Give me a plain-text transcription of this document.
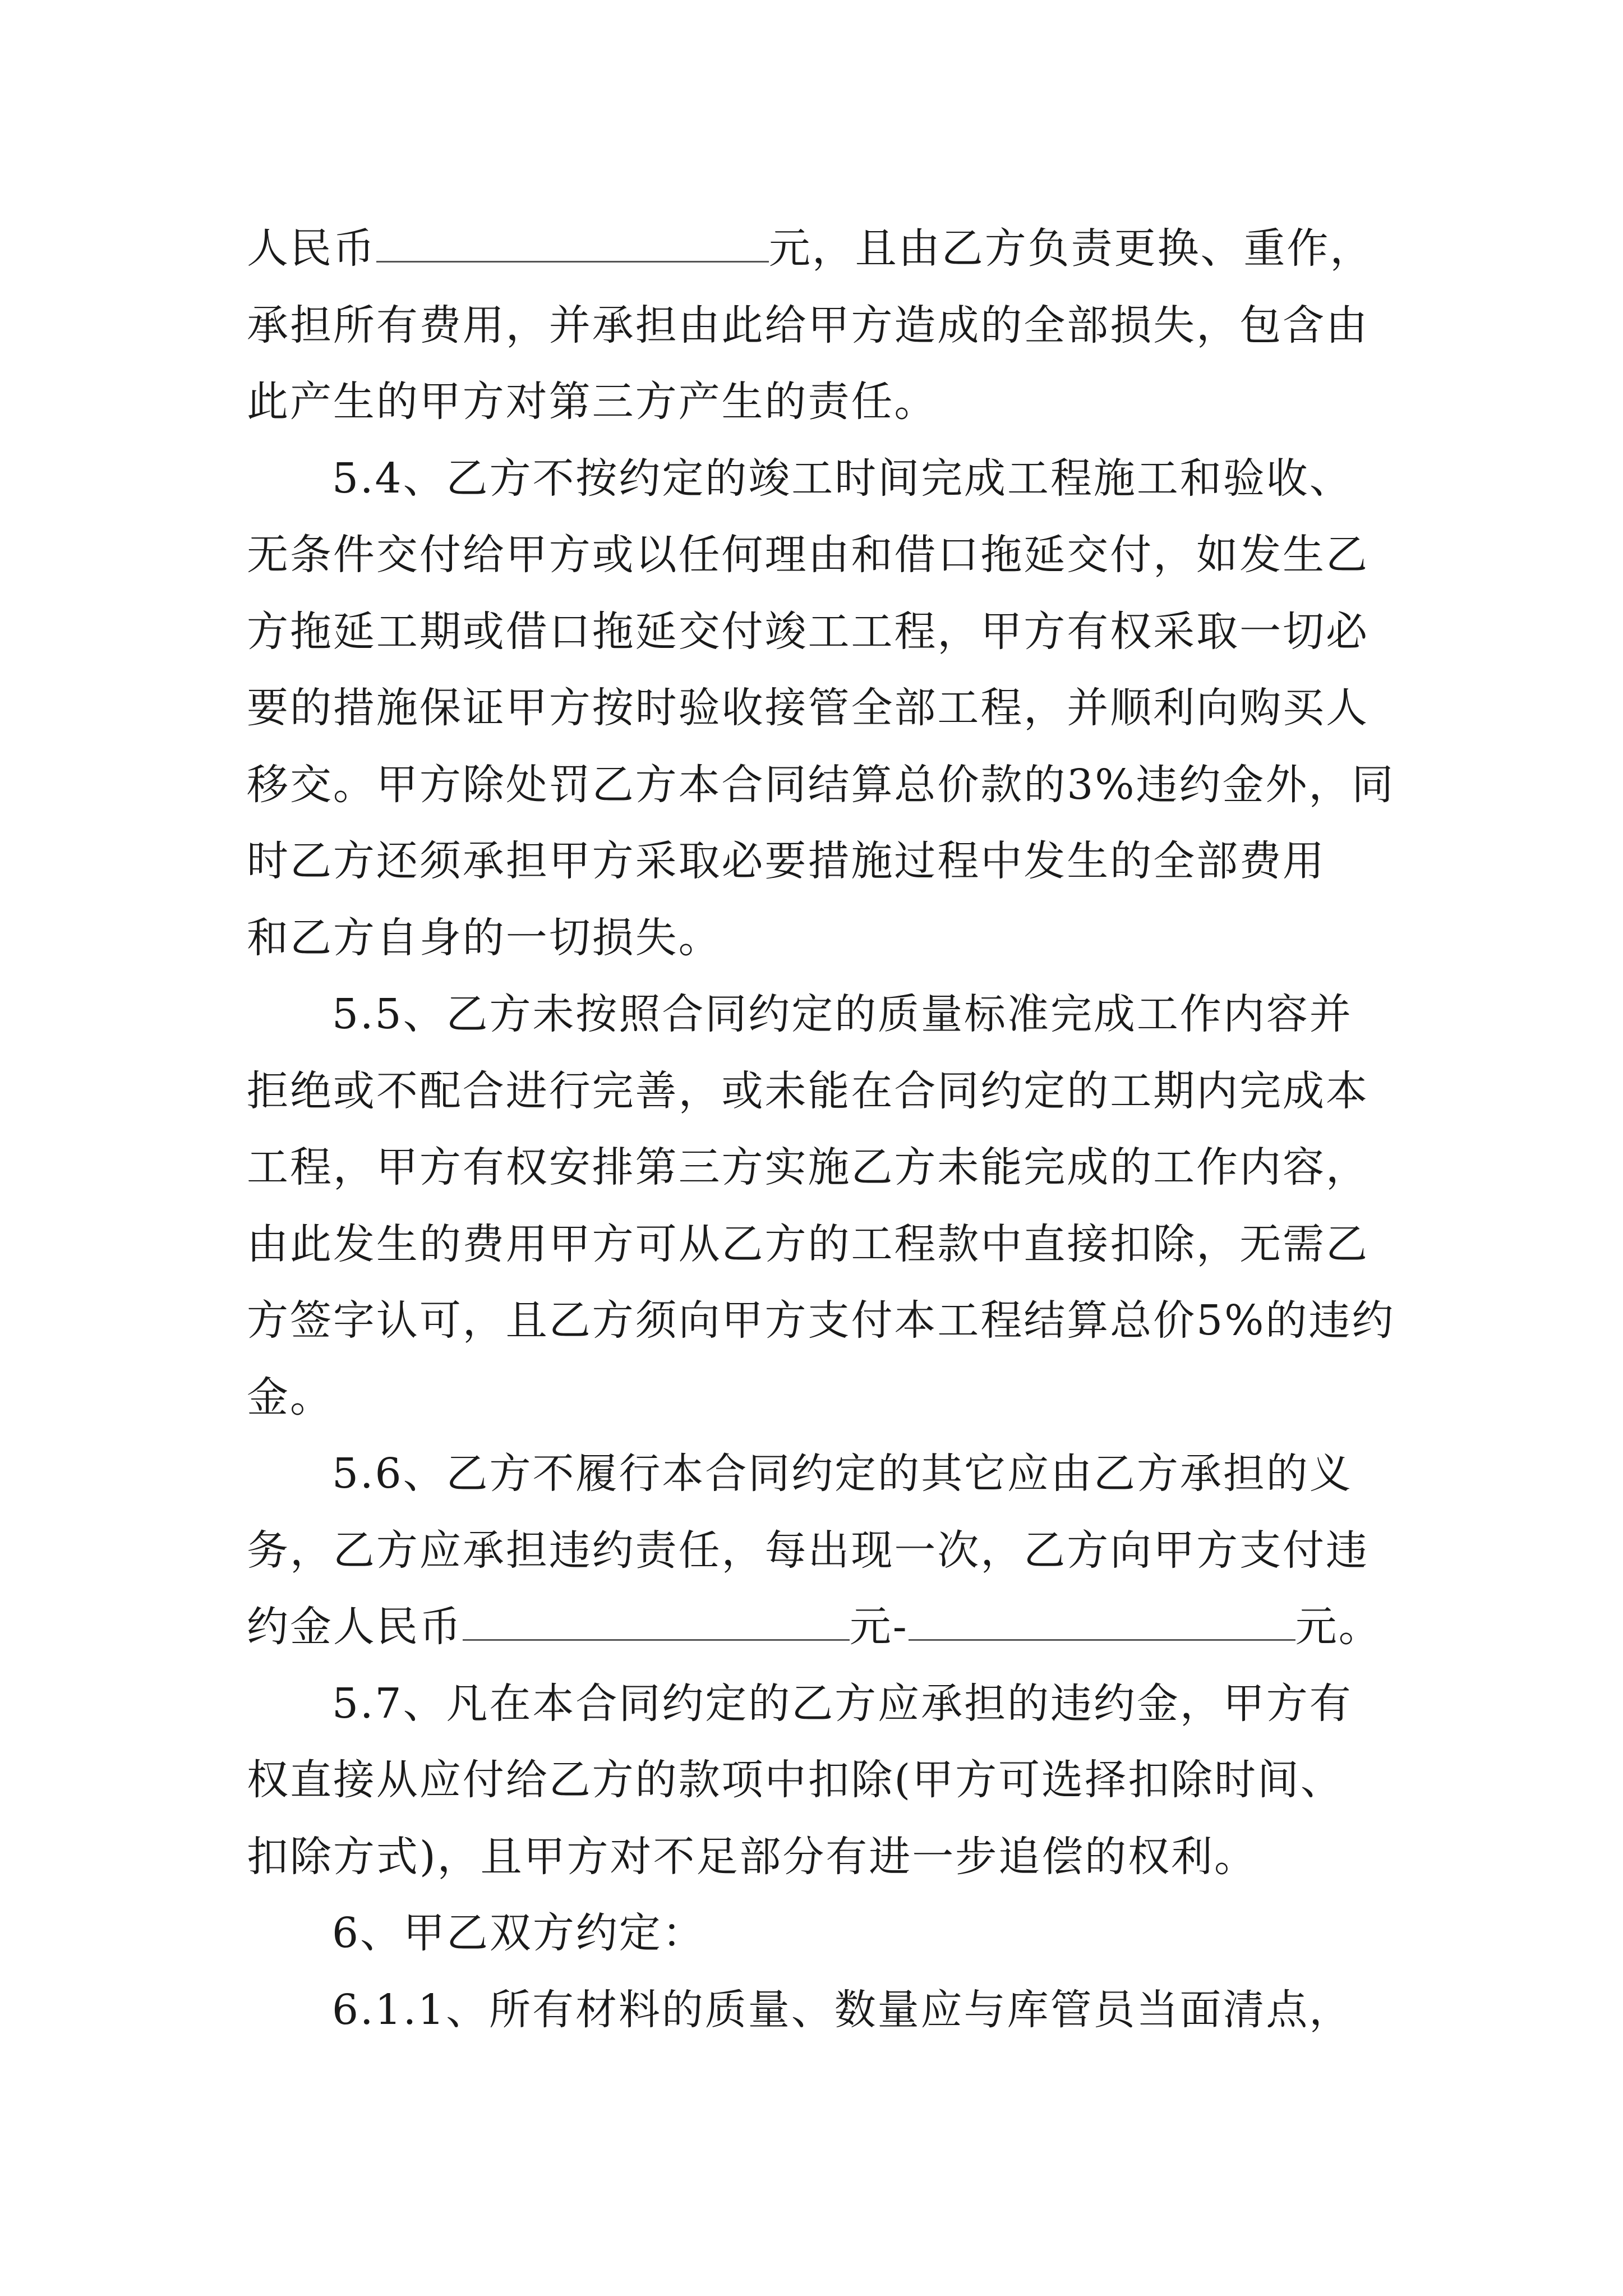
人民币	元，且由乙方负责更换、重作，
承担所有费用，并承担由此给甲方造成的全部损失，包含由
此产生的甲方对第三方产生的责任。
5.4、乙方不按约定的竣工时间完成工程施工和验收、
无条件交付给甲方或以任何理由和借口拖延交付，如发生乙
方拖延工期或借口拖延交付竣工工程，甲方有权采取一切必
要的措施保证甲方按时验收接管全部工程，并顺利向购买人
移交。甲方除处罚乙方本合同结算总价款的3%违约金外，同
时乙方还须承担甲方采取必要措施过程中发生的全部费用
和乙方自身的一切损失。
5.5、乙方未按照合同约定的质量标准完成工作内容并
拒绝或不配合进行完善，或未能在合同约定的工期内完成本
工程，甲方有权安排第三方实施乙方未能完成的工作内容，
由此发生的费用甲方可从乙方的工程款中直接扣除，无需乙
方签字认可，且乙方须向甲方支付本工程结算总价5%的违约
金。
5.6、乙方不履行本合同约定的其它应由乙方承担的义
务，乙方应承担违约责任，每出现一次，乙方向甲方支付违
约金人民币	元-	元。
5.7、凡在本合同约定的乙方应承担的违约金，甲方有
权直接从应付给乙方的款项中扣除(甲方可选择扣除时间、
扣除方式)，且甲方对不足部分有进一步追偿的权利。
6、甲乙双方约定：
6.1.1、所有材料的质量、数量应与库管员当面清点，
